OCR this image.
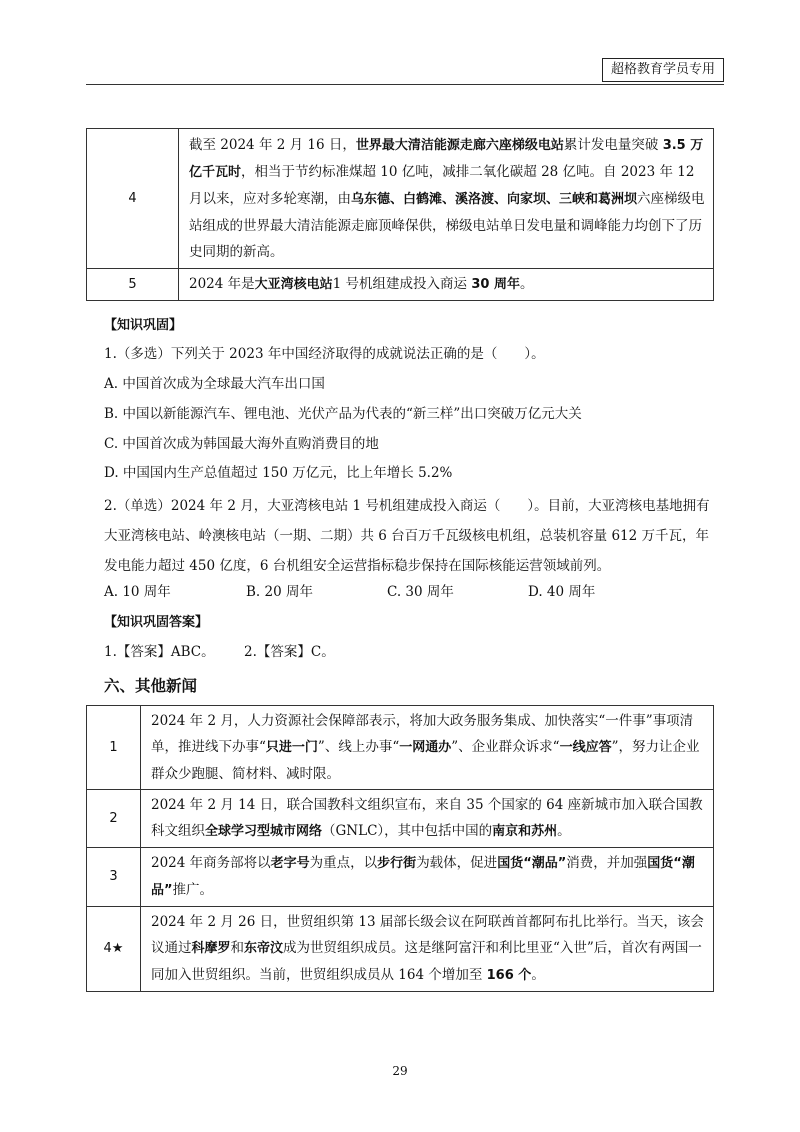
超格教育学员专用
4	截至 2024 年 2 月 16 日，世界最大清洁能源走廊六座梯级电站累计发电量突破 3.5 万亿千瓦时，相当于节约标准煤超 10 亿吨，减排二氧化碳超 28 亿吨。自 2023 年 12 月以来，应对多轮寒潮，由乌东德、白鹤滩、溪洛渡、向家坝、三峡和葛洲坝六座梯级电站组成的世界最大清洁能源走廊顶峰保供，梯级电站单日发电量和调峰能力均创下了历史同期的新高。
5	2024 年是大亚湾核电站1 号机组建成投入商运 30 周年。
【知识巩固】
1.（多选）下列关于 2023 年中国经济取得的成就说法正确的是（　　）。
A. 中国首次成为全球最大汽车出口国
B. 中国以新能源汽车、锂电池、光伏产品为代表的“新三样”出口突破万亿元大关
C. 中国首次成为韩国最大海外直购消费目的地
D. 中国国内生产总值超过 150 万亿元，比上年增长 5.2%
2.（单选）2024 年 2 月，大亚湾核电站 1 号机组建成投入商运（　　）。目前，大亚湾核电基地拥有大亚湾核电站、岭澳核电站（一期、二期）共 6 台百万千瓦级核电机组，总装机容量 612 万千瓦，年发电能力超过 450 亿度，6 台机组安全运营指标稳步保持在国际核能运营领域前列。
A. 10 周年	B. 20 周年	C. 30 周年	D. 40 周年
【知识巩固答案】
1.【答案】ABC。 2.【答案】C。
六、其他新闻
1	2024 年 2 月，人力资源社会保障部表示，将加大政务服务集成、加快落实“一件事”事项清单，推进线下办事“只进一门”、线上办事“一网通办”、企业群众诉求“一线应答”，努力让企业群众少跑腿、简材料、减时限。
2	2024 年 2 月 14 日，联合国教科文组织宣布，来自 35 个国家的 64 座新城市加入联合国教科文组织全球学习型城市网络（GNLC），其中包括中国的南京和苏州。
3	2024 年商务部将以老字号为重点，以步行街为载体，促进国货“潮品”消费，并加强国货“潮品”推广。
4★	2024 年 2 月 26 日，世贸组织第 13 届部长级会议在阿联酋首都阿布扎比举行。当天，该会议通过科摩罗和东帝汶成为世贸组织成员。这是继阿富汗和利比里亚“入世”后，首次有两国一同加入世贸组织。当前，世贸组织成员从 164 个增加至 166 个。
29
